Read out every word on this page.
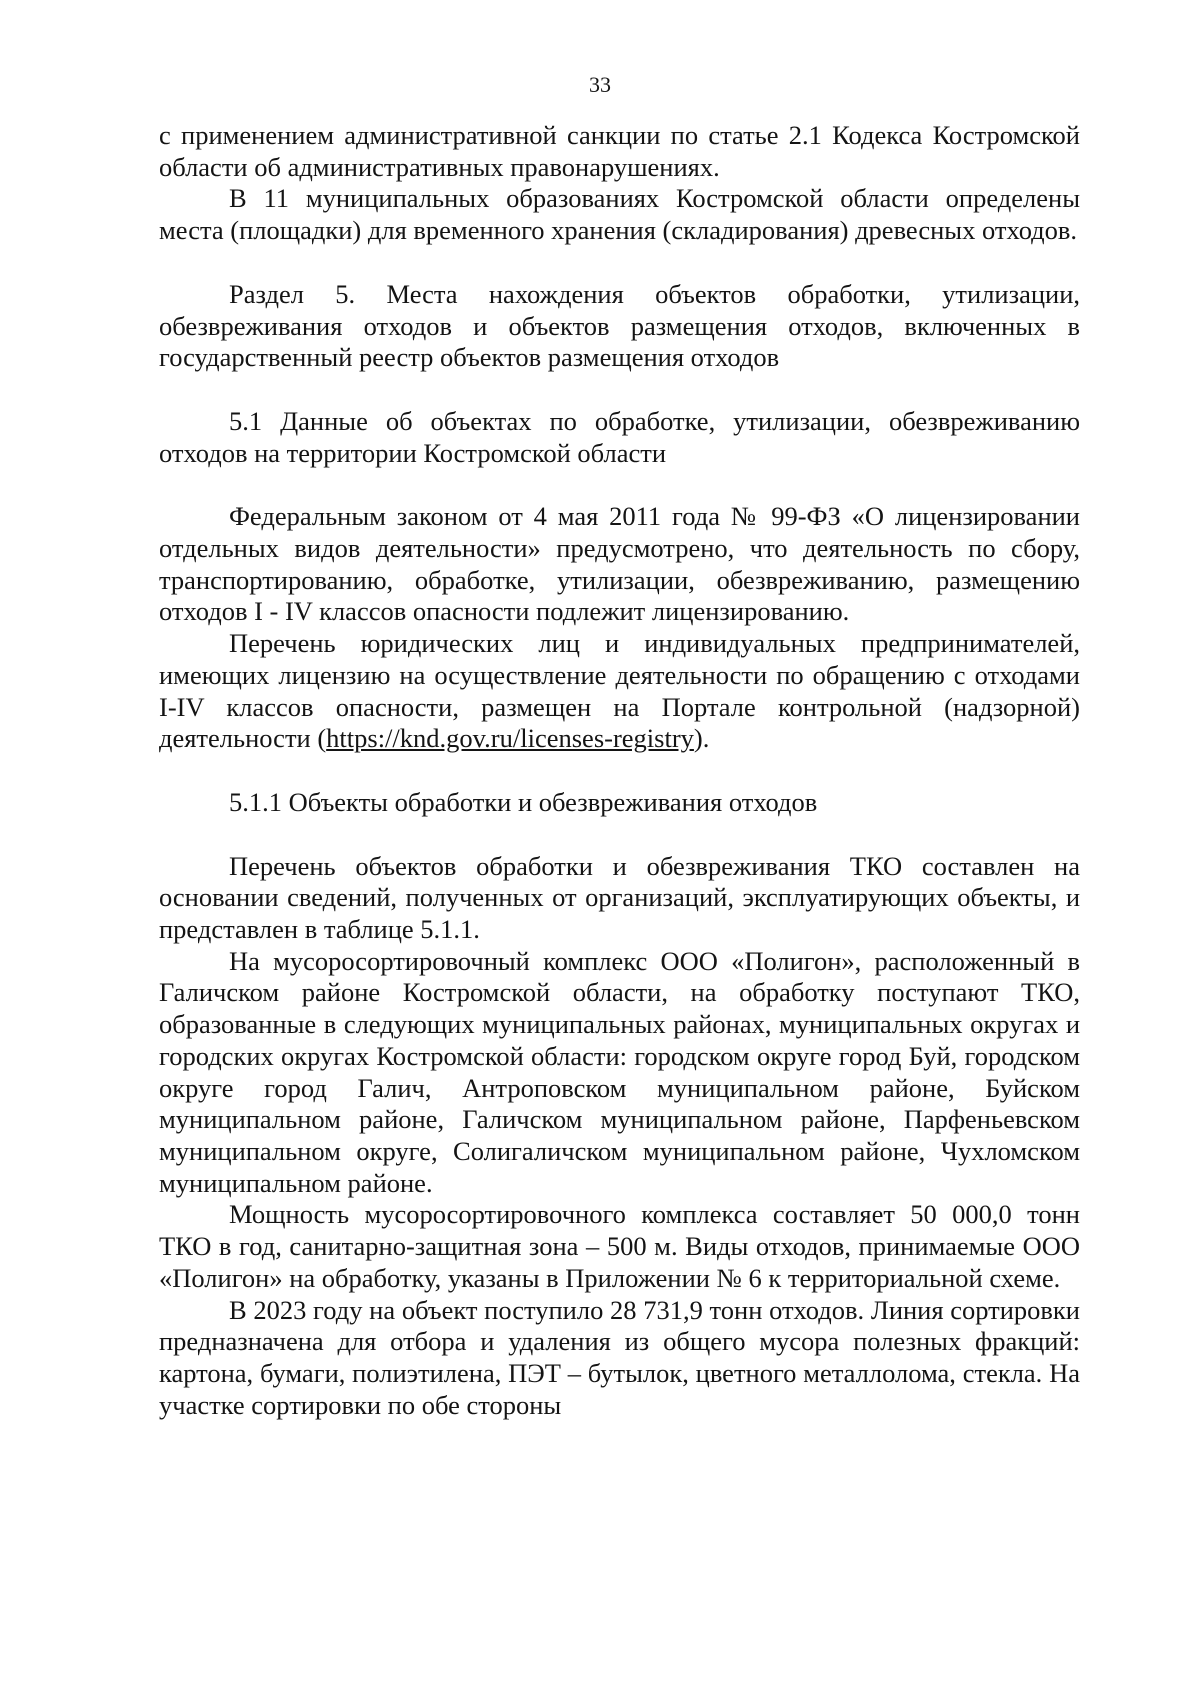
33

с применением административной санкции по статье 2.1 Кодекса Костромской области об административных правонарушениях.

В 11 муниципальных образованиях Костромской области определены места (площадки) для временного хранения (складирования) древесных отходов.

Раздел 5. Места нахождения объектов обработки, утилизации, обезвреживания отходов и объектов размещения отходов, включенных в государственный реестр объектов размещения отходов

5.1 Данные об объектах по обработке, утилизации, обезвреживанию отходов на территории Костромской области

Федеральным законом от 4 мая 2011 года № 99-ФЗ «О лицензировании отдельных видов деятельности» предусмотрено, что деятельность по сбору, транспортированию, обработке, утилизации, обезвреживанию, размещению отходов I - IV классов опасности подлежит лицензированию.

Перечень юридических лиц и индивидуальных предпринимателей, имеющих лицензию на осуществление деятельности по обращению с отходами I-IV классов опасности, размещен на Портале контрольной (надзорной) деятельности (https://knd.gov.ru/licenses-registry).

5.1.1 Объекты обработки и обезвреживания отходов

Перечень объектов обработки и обезвреживания ТКО составлен на основании сведений, полученных от организаций, эксплуатирующих объекты, и представлен в таблице 5.1.1.

На мусоросортировочный комплекс ООО «Полигон», расположенный в Галичском районе Костромской области, на обработку поступают ТКО, образованные в следующих муниципальных районах, муниципальных округах и городских округах Костромской области: городском округе город Буй, городском округе город Галич, Антроповском муниципальном районе, Буйском муниципальном районе, Галичском муниципальном районе, Парфеньевском муниципальном округе, Солигаличском муниципальном районе, Чухломском муниципальном районе.

Мощность мусоросортировочного комплекса составляет 50 000,0 тонн ТКО в год, санитарно-защитная зона – 500 м. Виды отходов, принимаемые ООО «Полигон» на обработку, указаны в Приложении № 6 к территориальной схеме.

В 2023 году на объект поступило 28 731,9 тонн отходов. Линия сортировки предназначена для отбора и удаления из общего мусора полезных фракций: картона, бумаги, полиэтилена, ПЭТ – бутылок, цветного металлолома, стекла. На участке сортировки по обе стороны
